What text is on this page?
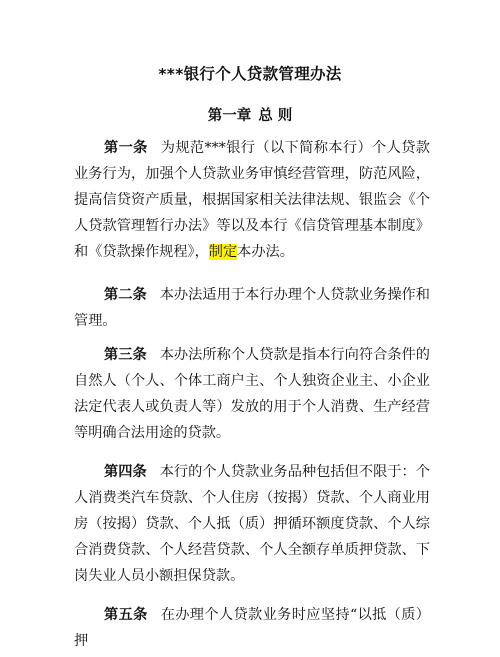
***银行个人贷款管理办法
第一章 总 则
第一条 为规范***银行（以下简称本行）个人贷款业务行为，加强个人贷款业务审慎经营管理，防范风险，提高信贷资产质量，根据国家相关法律法规、银监会《个人贷款管理暂行办法》等以及本行《信贷管理基本制度》和《贷款操作规程》，制定本办法。
第二条 本办法适用于本行办理个人贷款业务操作和管理。
第三条 本办法所称个人贷款是指本行向符合条件的自然人（个人、个体工商户主、个人独资企业主、小企业法定代表人或负责人等）发放的用于个人消费、生产经营等明确合法用途的贷款。
第四条 本行的个人贷款业务品种包括但不限于：个人消费类汽车贷款、个人住房（按揭）贷款、个人商业用房（按揭）贷款、个人抵（质）押循环额度贷款、个人综合消费贷款、个人经营贷款、个人全额存单质押贷款、下岗失业人员小额担保贷款。
第五条 在办理个人贷款业务时应坚持“以抵（质）押
